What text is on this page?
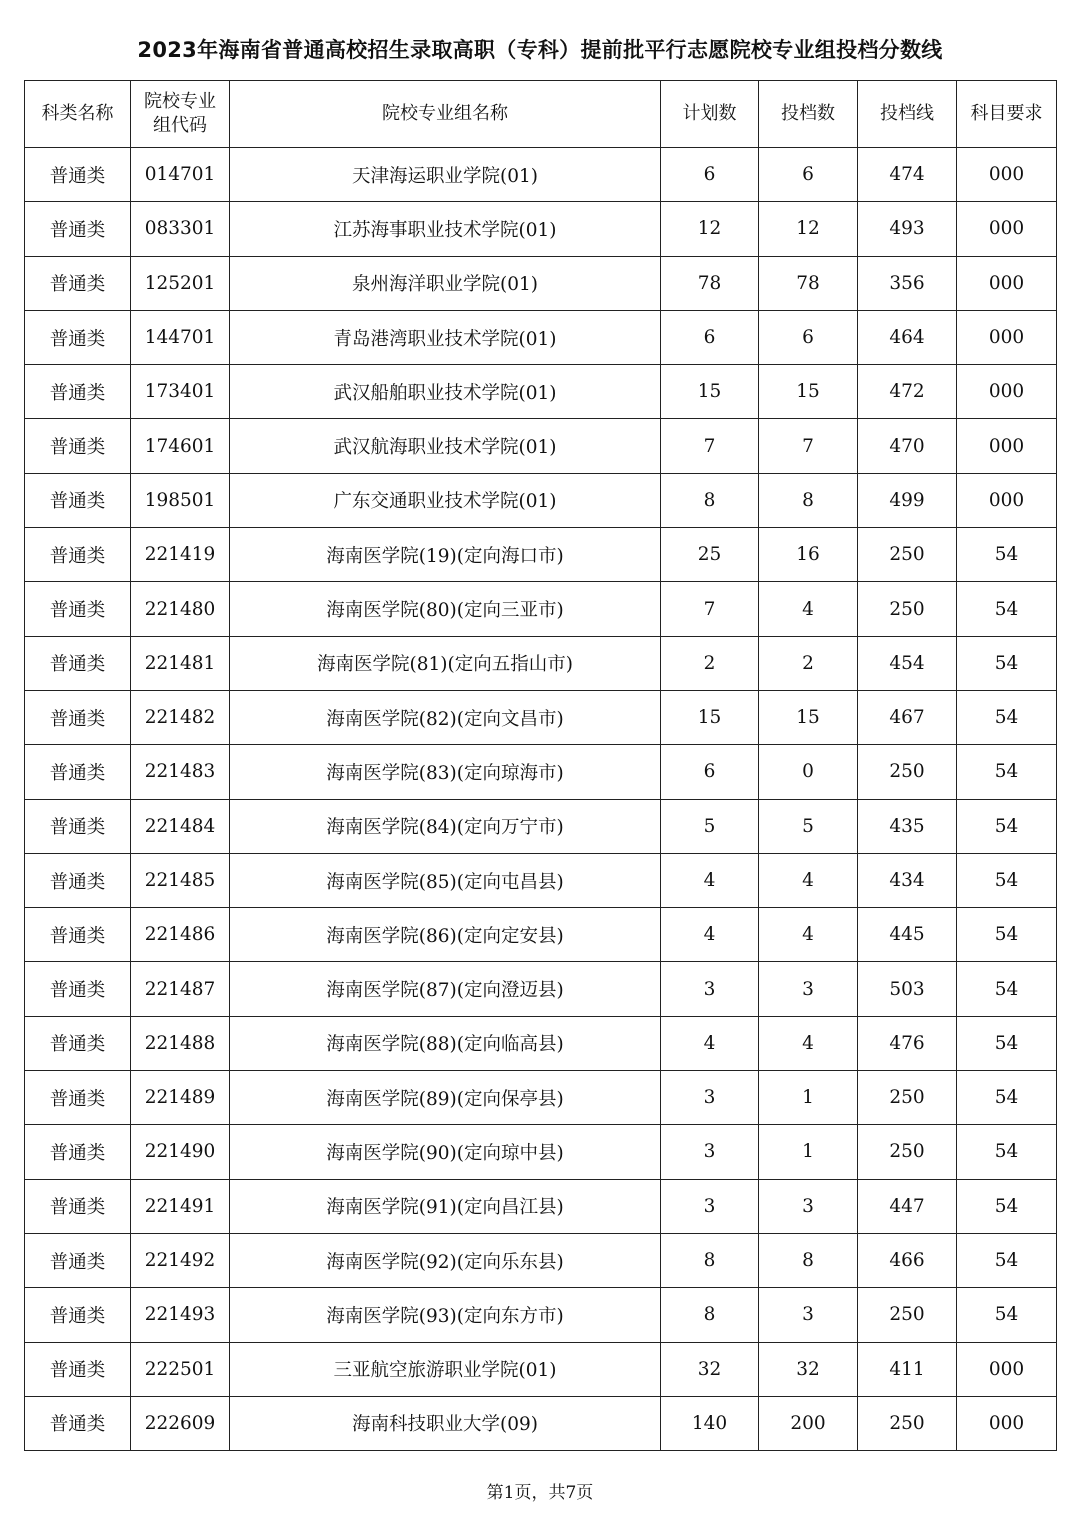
2023年海南省普通高校招生录取高职（专科）提前批平行志愿院校专业组投档分数线
科类名称	院校专业组代码	院校专业组名称	计划数	投档数	投档线	科目要求
普通类	014701	天津海运职业学院(01)	6	6	474	000
普通类	083301	江苏海事职业技术学院(01)	12	12	493	000
普通类	125201	泉州海洋职业学院(01)	78	78	356	000
普通类	144701	青岛港湾职业技术学院(01)	6	6	464	000
普通类	173401	武汉船舶职业技术学院(01)	15	15	472	000
普通类	174601	武汉航海职业技术学院(01)	7	7	470	000
普通类	198501	广东交通职业技术学院(01)	8	8	499	000
普通类	221419	海南医学院(19)(定向海口市)	25	16	250	54
普通类	221480	海南医学院(80)(定向三亚市)	7	4	250	54
普通类	221481	海南医学院(81)(定向五指山市)	2	2	454	54
普通类	221482	海南医学院(82)(定向文昌市)	15	15	467	54
普通类	221483	海南医学院(83)(定向琼海市)	6	0	250	54
普通类	221484	海南医学院(84)(定向万宁市)	5	5	435	54
普通类	221485	海南医学院(85)(定向屯昌县)	4	4	434	54
普通类	221486	海南医学院(86)(定向定安县)	4	4	445	54
普通类	221487	海南医学院(87)(定向澄迈县)	3	3	503	54
普通类	221488	海南医学院(88)(定向临高县)	4	4	476	54
普通类	221489	海南医学院(89)(定向保亭县)	3	1	250	54
普通类	221490	海南医学院(90)(定向琼中县)	3	1	250	54
普通类	221491	海南医学院(91)(定向昌江县)	3	3	447	54
普通类	221492	海南医学院(92)(定向乐东县)	8	8	466	54
普通类	221493	海南医学院(93)(定向东方市)	8	3	250	54
普通类	222501	三亚航空旅游职业学院(01)	32	32	411	000
普通类	222609	海南科技职业大学(09)	140	200	250	000
第1页，共7页
